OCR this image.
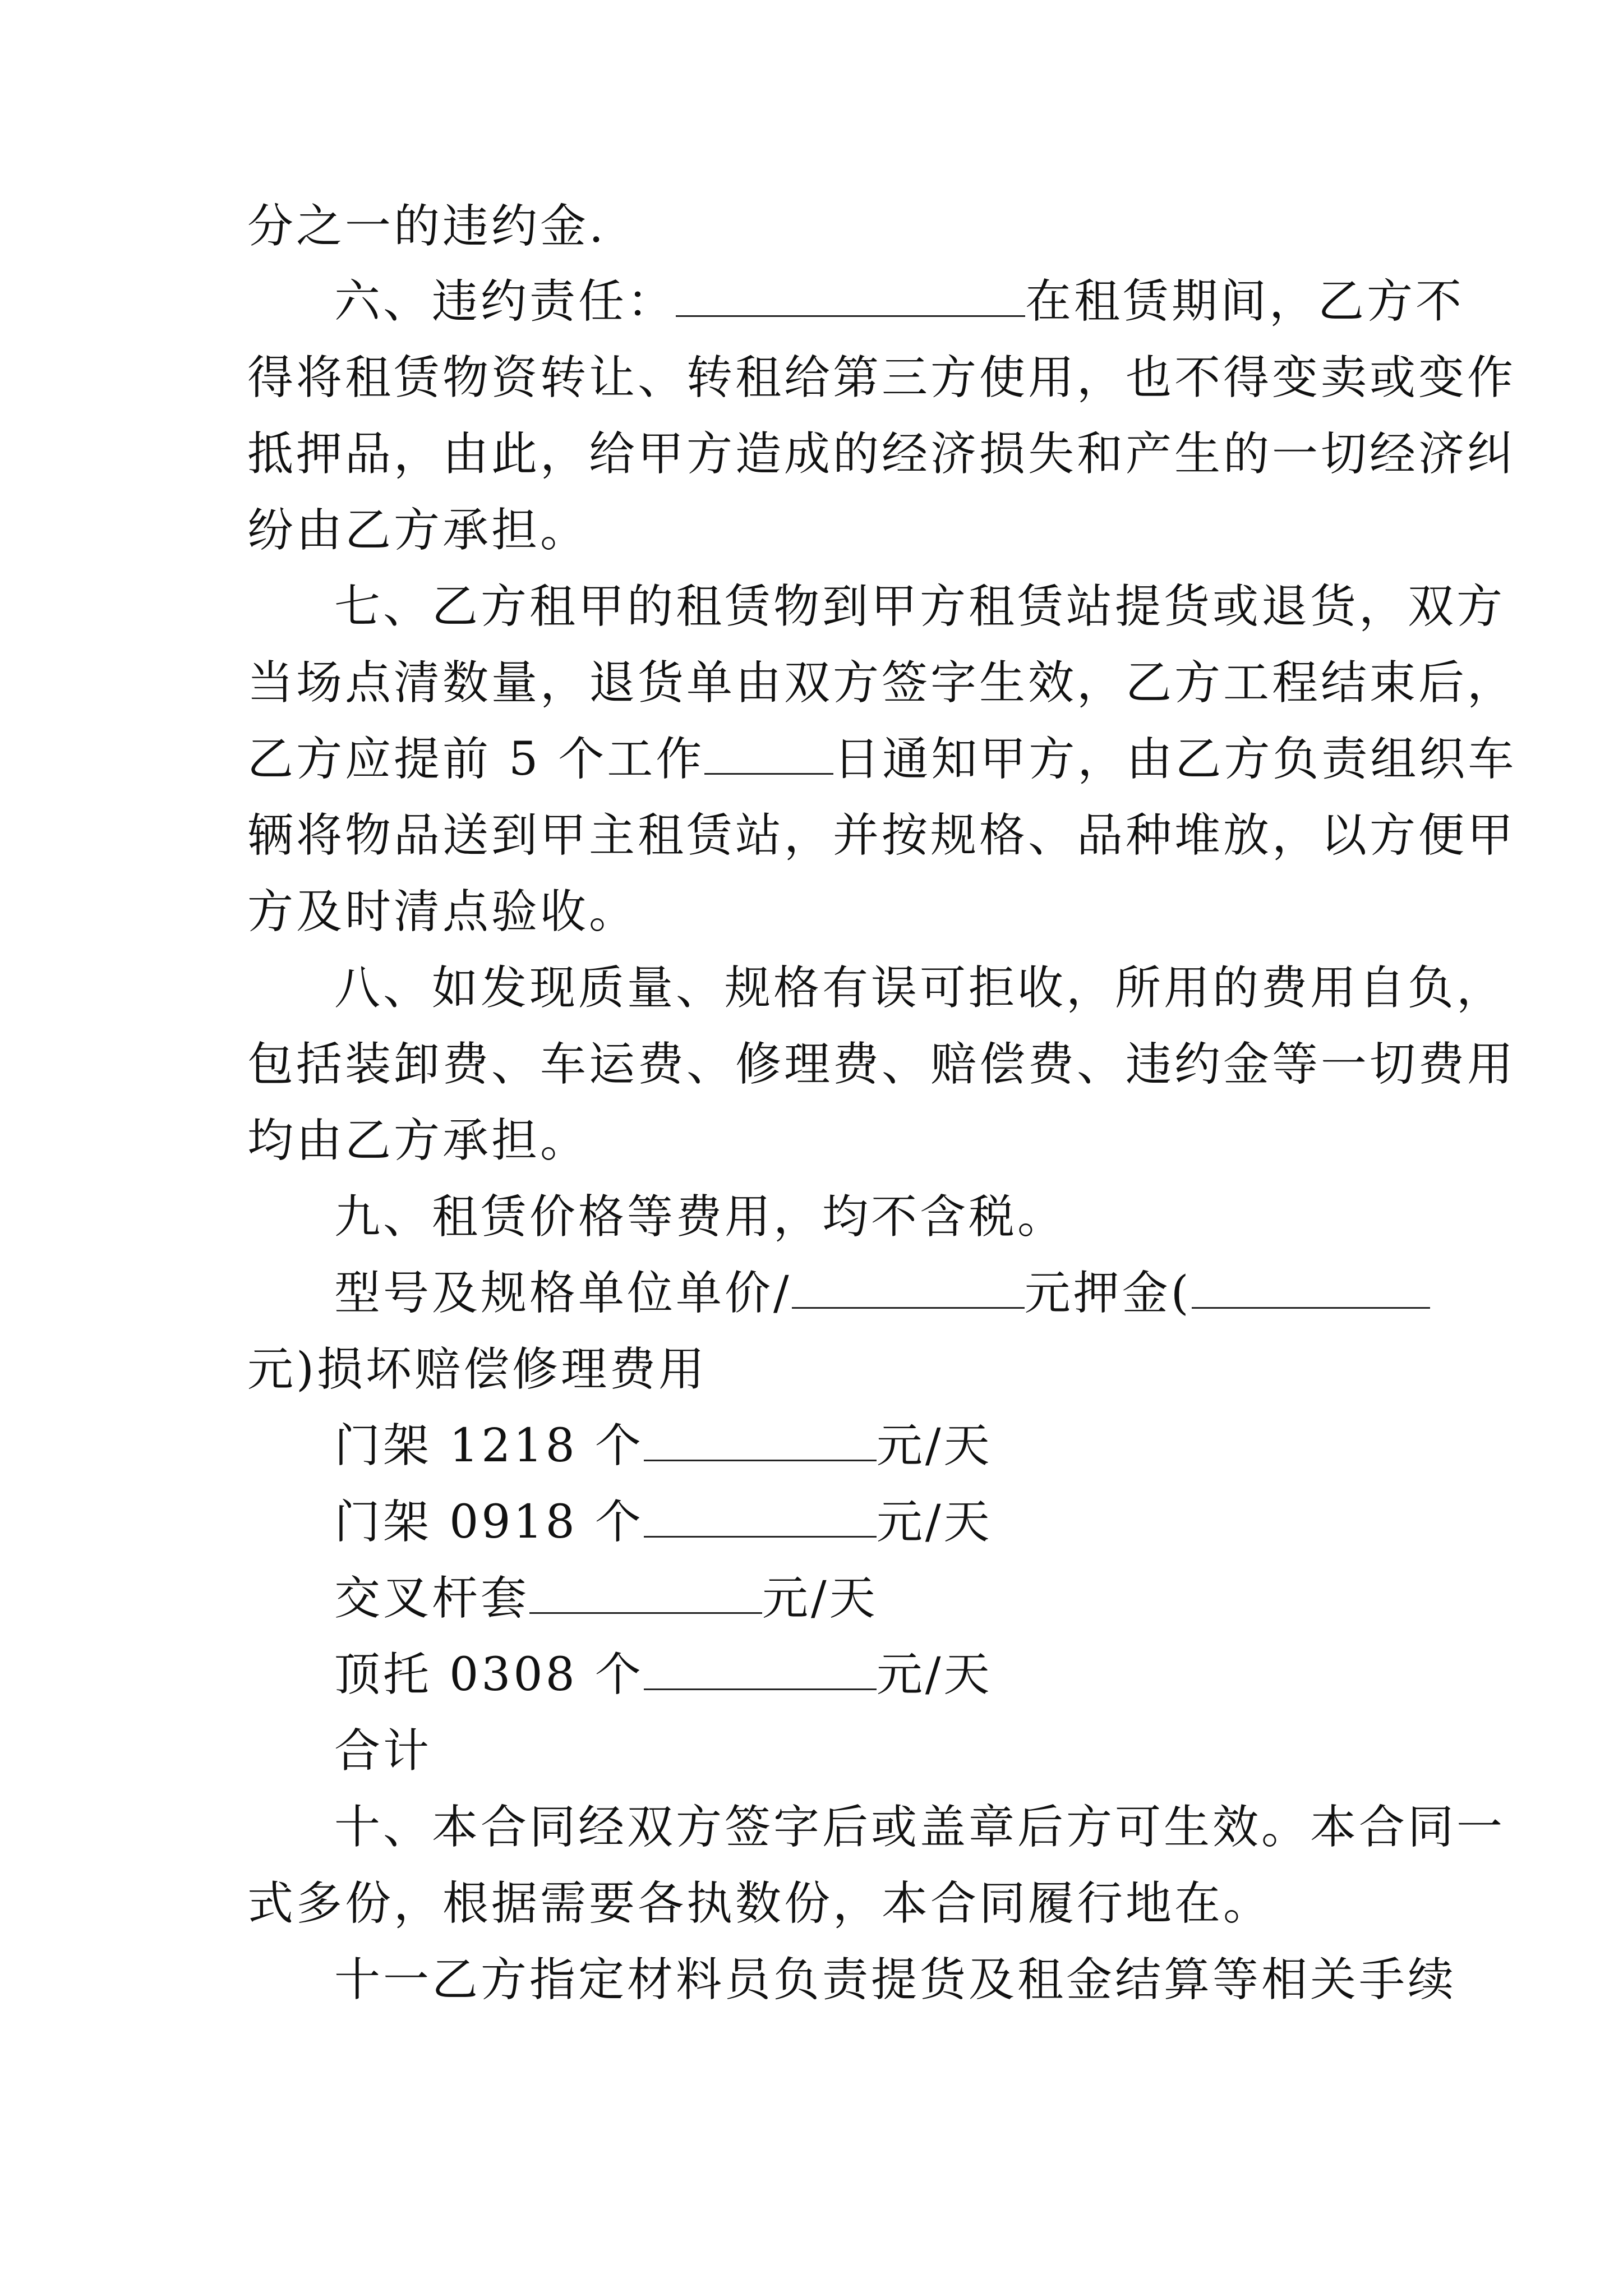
分之一的违约金.
六、违约责任：	在租赁期间，乙方不
得将租赁物资转让、转租给第三方使用，也不得变卖或变作
抵押品，由此，给甲方造成的经济损失和产生的一切经济纠
纷由乙方承担。
七、乙方租甲的租赁物到甲方租赁站提货或退货，双方
当场点清数量，退货单由双方签字生效，乙方工程结束后，
乙方应提前 5 个工作	日通知甲方，由乙方负责组织车
辆将物品送到甲主租赁站，并按规格、品种堆放，以方便甲
方及时清点验收。
八、如发现质量、规格有误可拒收，所用的费用自负，
包括装卸费、车运费、修理费、赔偿费、违约金等一切费用
均由乙方承担。
九、租赁价格等费用，均不含税。
型号及规格单位单价/	元押金(
元)损坏赔偿修理费用
门架 1218 个	元/天
门架 0918 个	元/天
交叉杆套	元/天
顶托 0308 个	元/天
合计
十、本合同经双方签字后或盖章后方可生效。本合同一
式多份，根据需要各执数份，本合同履行地在。
十一乙方指定材料员负责提货及租金结算等相关手续
